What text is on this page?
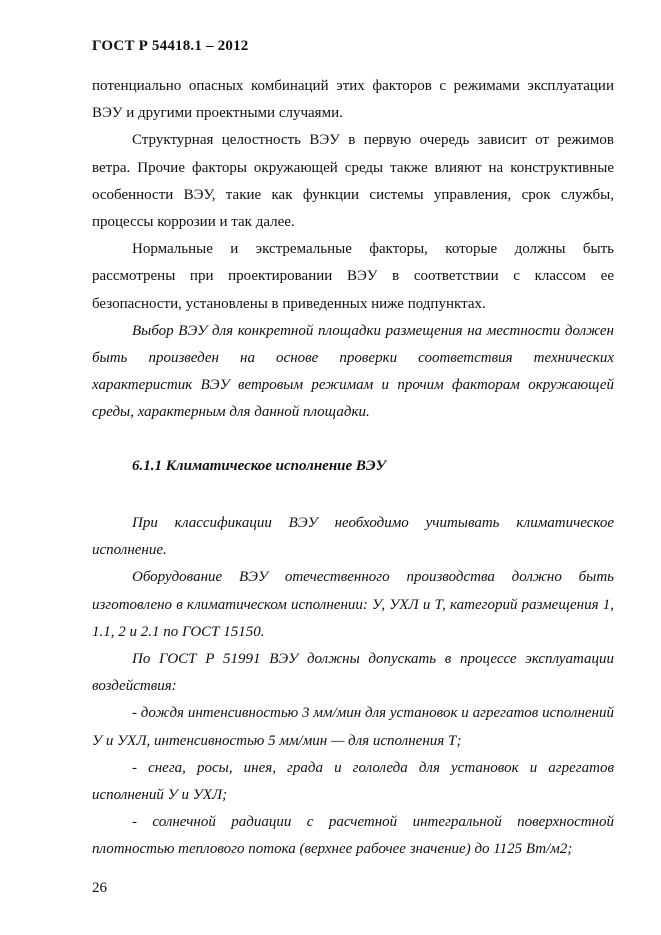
ГОСТ Р 54418.1 – 2012

потенциально опасных комбинаций этих факторов с режимами эксплуатации ВЭУ и другими проектными случаями.

Структурная целостность ВЭУ в первую очередь зависит от режимов ветра. Прочие факторы окружающей среды также влияют на конструктивные особенности ВЭУ, такие как функции системы управления, срок службы, процессы коррозии и так далее.

Нормальные и экстремальные факторы, которые должны быть рассмотрены при проектировании ВЭУ в соответствии с классом ее безопасности, установлены в приведенных ниже подпунктах.

Выбор ВЭУ для конкретной площадки размещения на местности должен быть произведен на основе проверки соответствия технических характеристик ВЭУ ветровым режимам и прочим факторам окружающей среды, характерным для данной площадки.

6.1.1 Климатическое исполнение ВЭУ

При классификации ВЭУ необходимо учитывать климатическое исполнение.

Оборудование ВЭУ отечественного производства должно быть изготовлено в климатическом исполнении: У, УХЛ и Т, категорий размещения 1, 1.1, 2 и 2.1 по ГОСТ 15150.

По ГОСТ Р 51991 ВЭУ должны допускать в процессе эксплуатации воздействия:

- дождя интенсивностью 3 мм/мин для установок и агрегатов исполнений У и УХЛ, интенсивностью 5 мм/мин — для исполнения Т;

- снега, росы, инея, града и гололеда для установок и агрегатов исполнений У и УХЛ;

- солнечной радиации с расчетной интегральной поверхностной плотностью теплового потока (верхнее рабочее значение) до 1125 Вт/м2;

26
